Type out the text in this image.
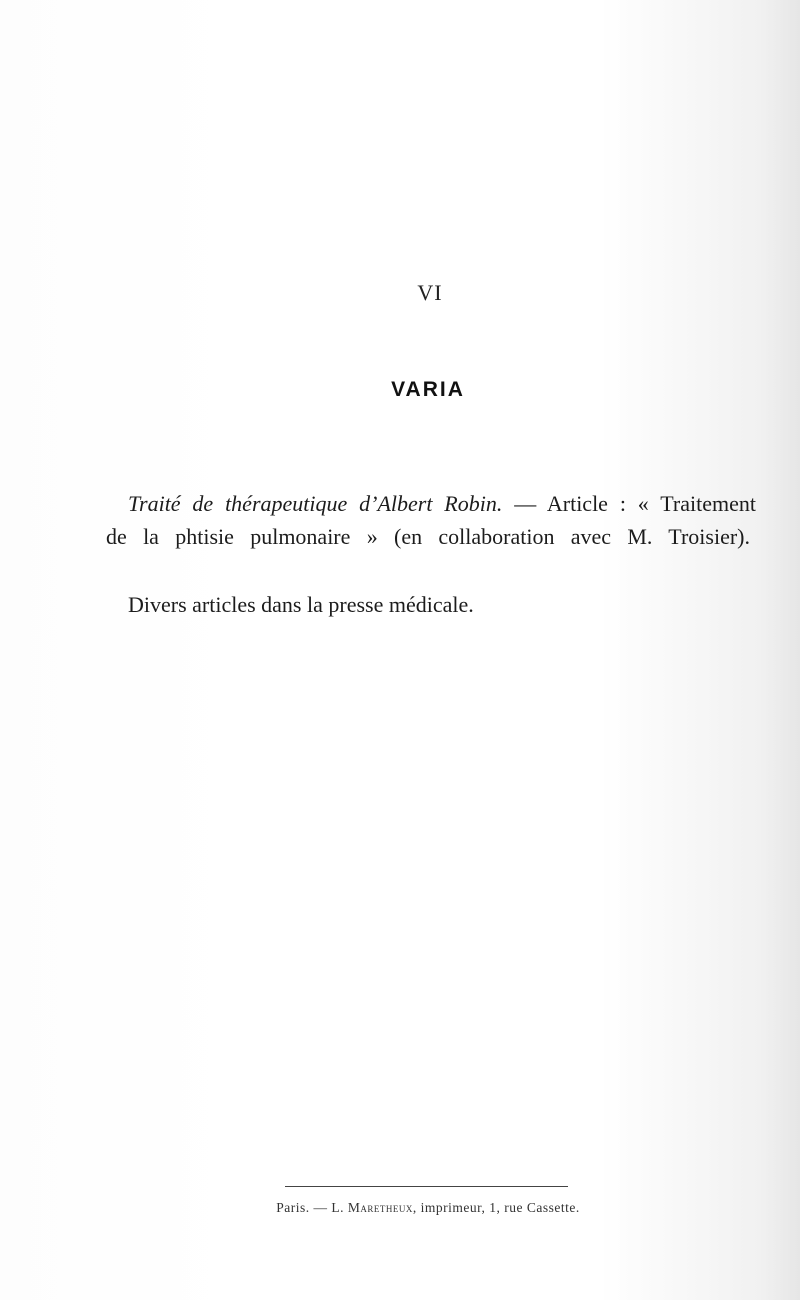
VI
VARIA
Traité de thérapeutique d’Albert Robin. — Article : « Traitement
de la phtisie pulmonaire » (en collaboration avec M. Troisier).
Divers articles dans la presse médicale.
Paris. — L. Maretheux, imprimeur, 1, rue Cassette.
